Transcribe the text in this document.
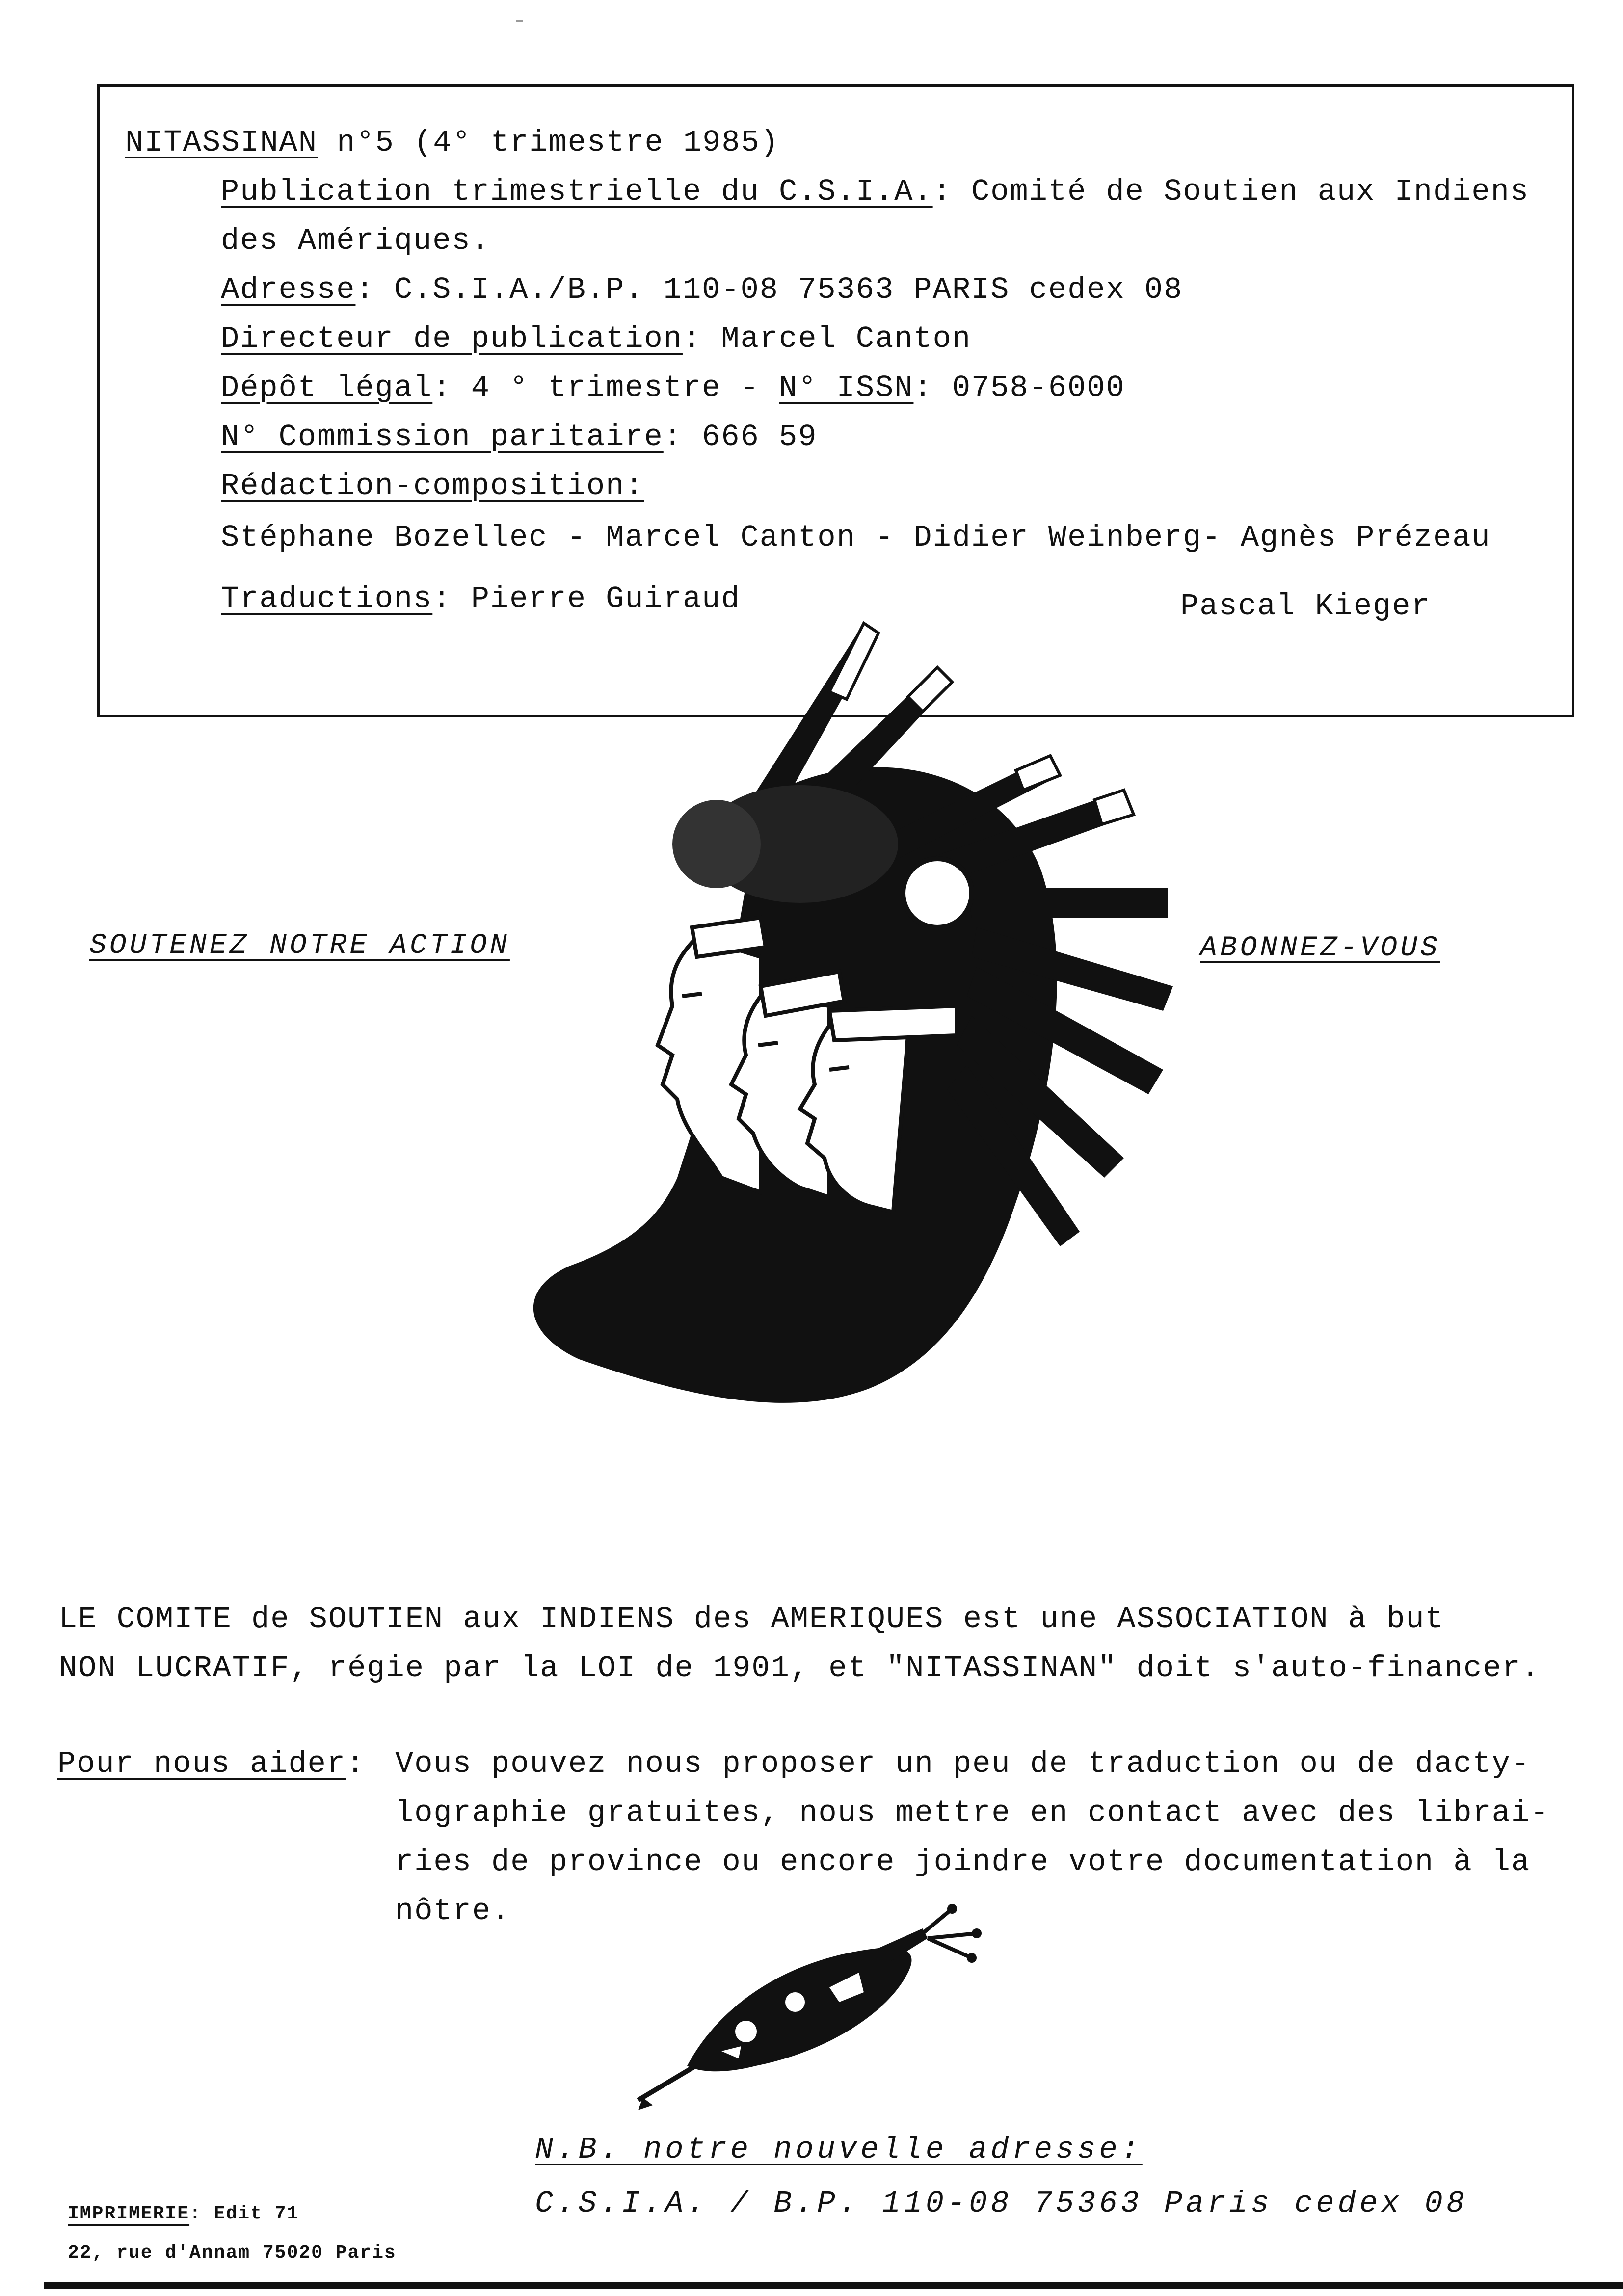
NITASSINAN n°5 (4° trimestre 1985)
Publication trimestrielle du C.S.I.A.: Comité de Soutien aux Indiens
des Amériques.
Adresse: C.S.I.A./B.P. 110-08 75363 PARIS cedex 08
Directeur de publication: Marcel Canton
Dépôt légal: 4 ° trimestre - N° ISSN: 0758-6000
N° Commission paritaire: 666 59
Rédaction-composition:
Stéphane Bozellec - Marcel Canton - Didier Weinberg- Agnès Prézeau
Traductions: Pierre Guiraud	Pascal Kieger
SOUTENEZ NOTRE ACTION	ABONNEZ-VOUS
LE COMITE de SOUTIEN aux INDIENS des AMERIQUES est une ASSOCIATION à but
NON LUCRATIF, régie par la LOI de 1901, et "NITASSINAN" doit s'auto-financer.
Pour nous aider: Vous pouvez nous proposer un peu de traduction ou de dacty-
lographie gratuites, nous mettre en contact avec des librai-
ries de province ou encore joindre votre documentation à la
nôtre.
N.B. notre nouvelle adresse:
C.S.I.A. / B.P. 110-08 75363 Paris cedex 08
IMPRIMERIE: Edit 71
22, rue d'Annam 75020 Paris
